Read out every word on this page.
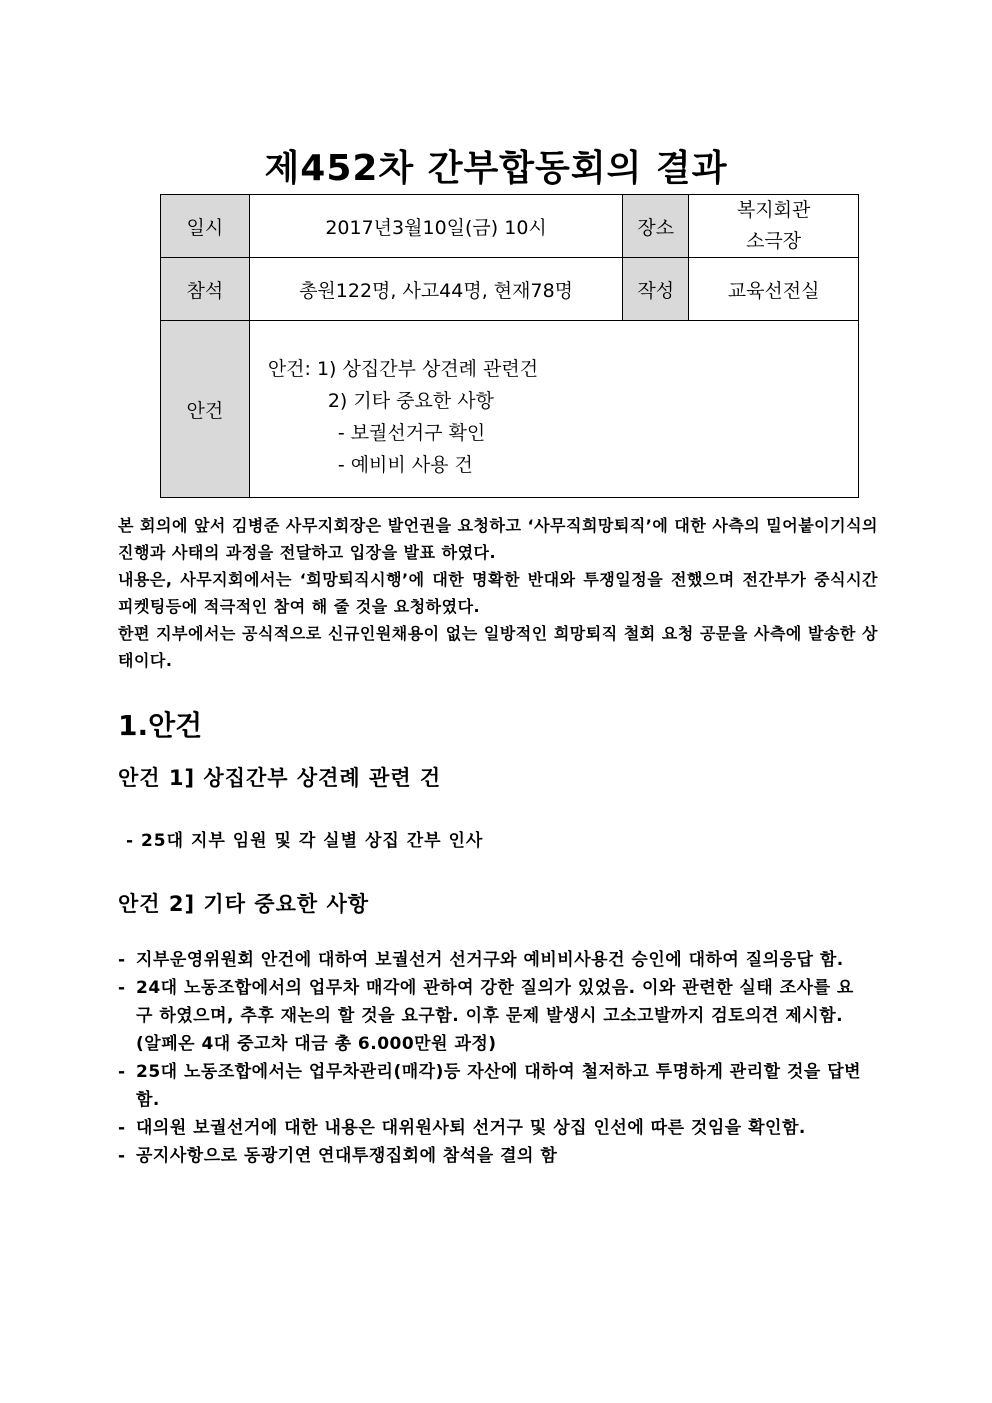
제452차 간부합동회의 결과
일시	2017년3월10일(금) 10시	장소	복지회관
소극장

참석	총원122명, 사고44명, 현재78명	작성	교육선전실
안건	안건: 1) 상집간부 상견례 관련건
2) 기타 중요한 사항
- 보궐선거구 확인
- 예비비 사용 건		

본 회의에 앞서 김병준 사무지회장은 발언권을 요청하고 ‘사무직희망퇴직’에 대한 사측의 밀어붙이기식의 진행과 사태의 과정을 전달하고 입장을 발표 하였다.

내용은, 사무지회에서는 ‘희망퇴직시행’에 대한 명확한 반대와 투쟁일정을 전했으며 전간부가 중식시간 피켓팅등에 적극적인 참여 해 줄 것을 요청하였다.

한편 지부에서는 공식적으로 신규인원채용이 없는 일방적인 희망퇴직 철회 요청 공문을 사측에 발송한 상태이다.

1.안건
안건 1] 상집간부 상견례 관련 건
- 25대 지부 임원 및 각 실별 상집 간부 인사
안건 2] 기타 중요한 사항
- 지부운영위원회 안건에 대하여 보궐선거 선거구와 예비비사용건 승인에 대하여 질의응답 함.
- 24대 노동조합에서의 업무차 매각에 관하여 강한 질의가 있었음. 이와 관련한 실태 조사를 요구 하였으며, 추후 재논의 할 것을 요구함. 이후 문제 발생시 고소고발까지 검토의견 제시함. (알페온 4대 중고차 대금 총 6.000만원 과정)
- 25대 노동조합에서는 업무차관리(매각)등 자산에 대하여 철저하고 투명하게 관리할 것을 답변함.
- 대의원 보궐선거에 대한 내용은 대위원사퇴 선거구 및 상집 인선에 따른 것임을 확인함.
- 공지사항으로 동광기연 연대투쟁집회에 참석을 결의 함
